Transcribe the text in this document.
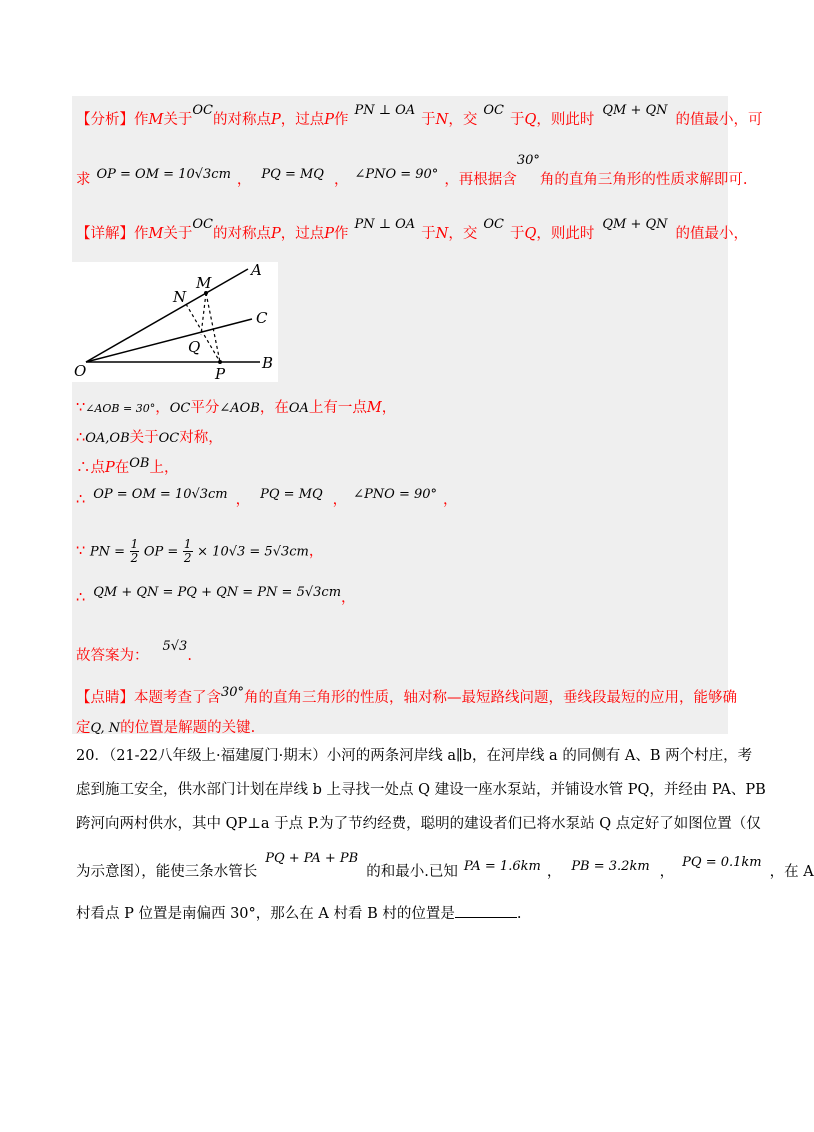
【分析】作M关于OC的对称点P，过点P作PN ⊥ OA于N，交OC于Q，则此时QM + QN的值最小，可
求 OP = OM = 10√3cm ， PQ = MQ ， ∠PNO = 90° ，再根据含30°角的直角三角形的性质求解即可.
【详解】作M关于OC的对称点P，过点P作PN ⊥ OA于N，交OC于Q，则此时QM + QN的值最小，
A
B
C
M
N
O	P
Q
∵∠AOB = 30°，OC平分∠AOB，在OA上有一点M，
∴OA,OB关于OC对称，
∴点P在OB上，
∴ OP = OM = 10√3cm ， PQ = MQ ， ∠PNO = 90° ，
∵ PN = $\frac{1}{2}$ OP = $\frac{1}{2} \times 10√3 = 5√3cm$，
∴ QM + QN = PQ + QN = PN = 5√3cm，
故答案为：5√3.
【点睛】本题考查了含30°角的直角三角形的性质，轴对称—最短路线问题，垂线段最短的应用，能够确
定Q, N的位置是解题的关键.
20．（21-22八年级上·福建厦门·期末）小河的两条河岸线 a∥b，在河岸线 a 的同侧有 A、B 两个村庄，考
虑到施工安全，供水部门计划在岸线 b 上寻找一处点 Q 建设一座水泵站，并铺设水管 PQ，并经由 PA、PB
跨河向两村供水，其中 QP⊥a 于点 P.为了节约经费，聪明的建设者们已将水泵站 Q 点定好了如图位置（仅
为示意图），能使三条水管长PQ + PA + PB的和最小.已知 PA = 1.6km ， PB = 3.2km ，PQ = 0.1km，在 A
村看点 P 位置是南偏西 30°，那么在 A 村看 B 村的位置是	.
